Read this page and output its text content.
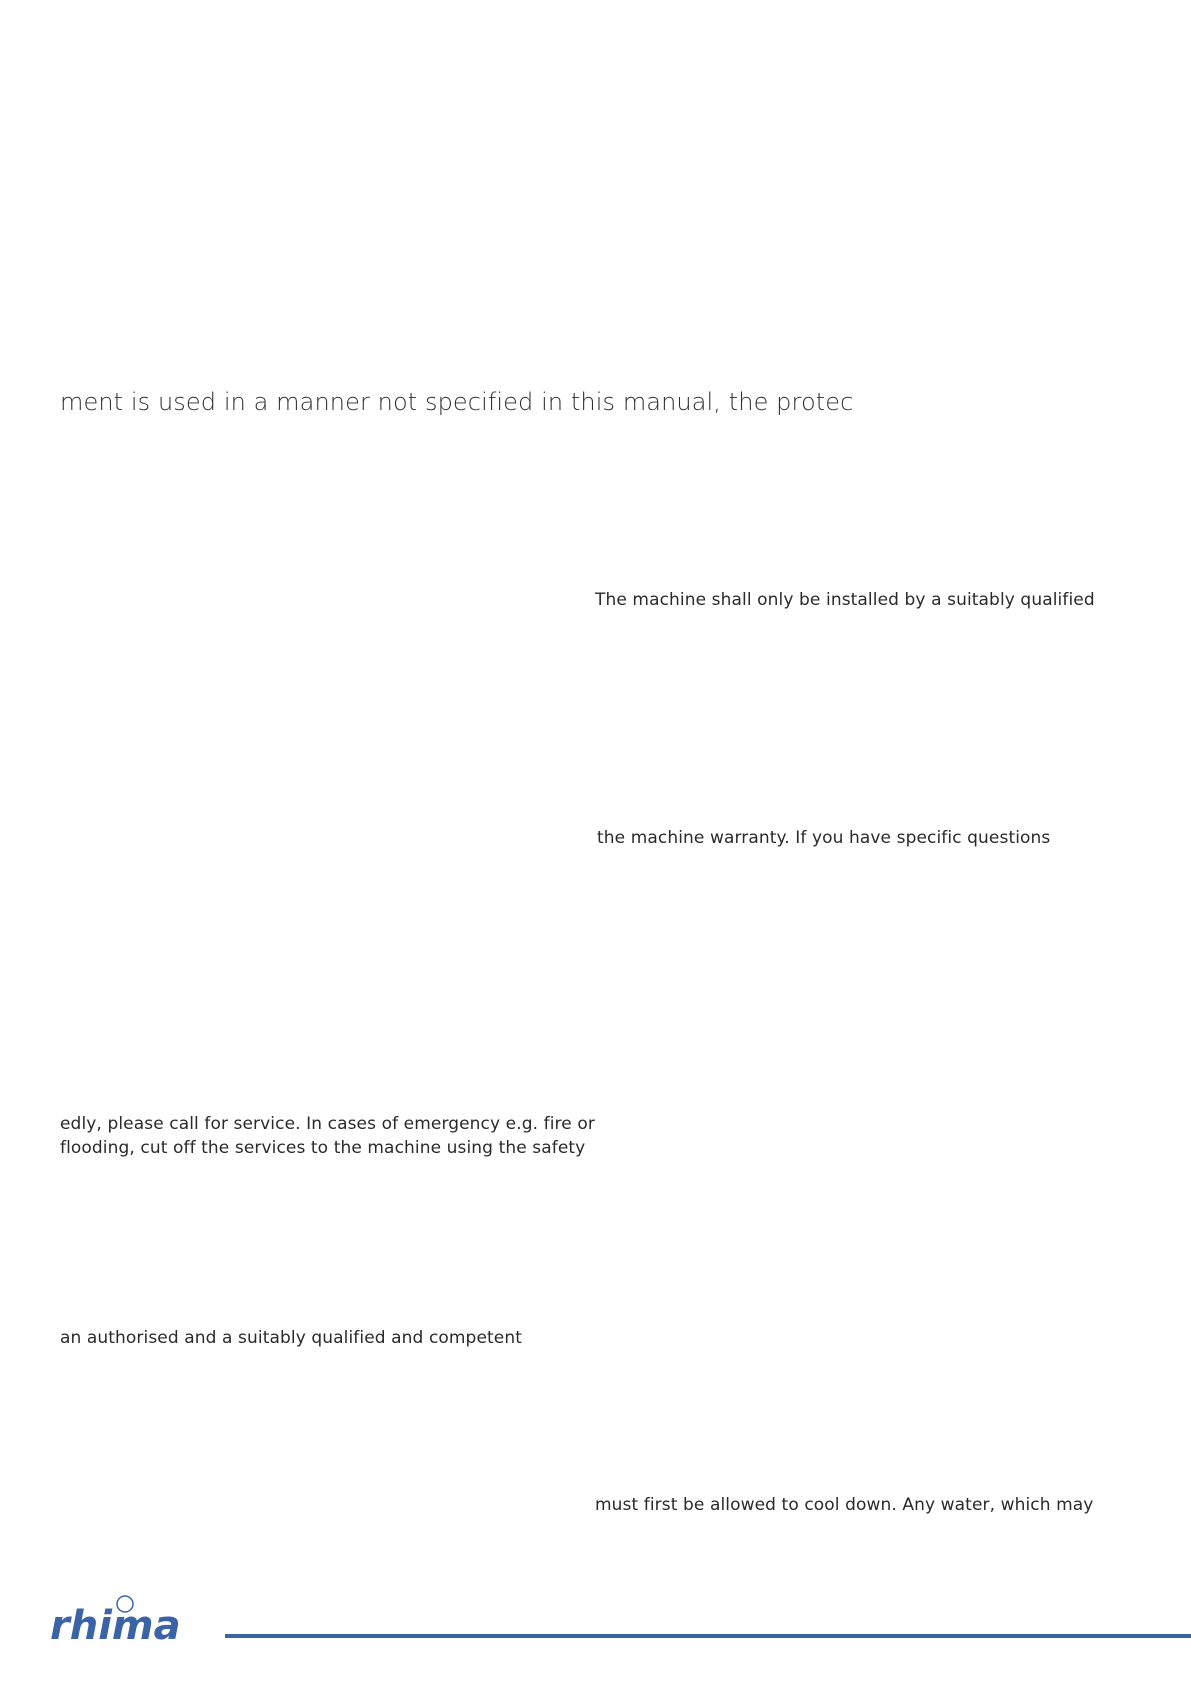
ment is used in a manner not specified in this manual, the protec

The machine shall only be installed by a suitably qualified

the machine warranty. If you have specific questions

edly, please call for service. In cases of emergency e.g. fire or
flooding, cut off the services to the machine using the safety

an authorised and a suitably qualified and competent

must first be allowed to cool down. Any water, which may

rhima
